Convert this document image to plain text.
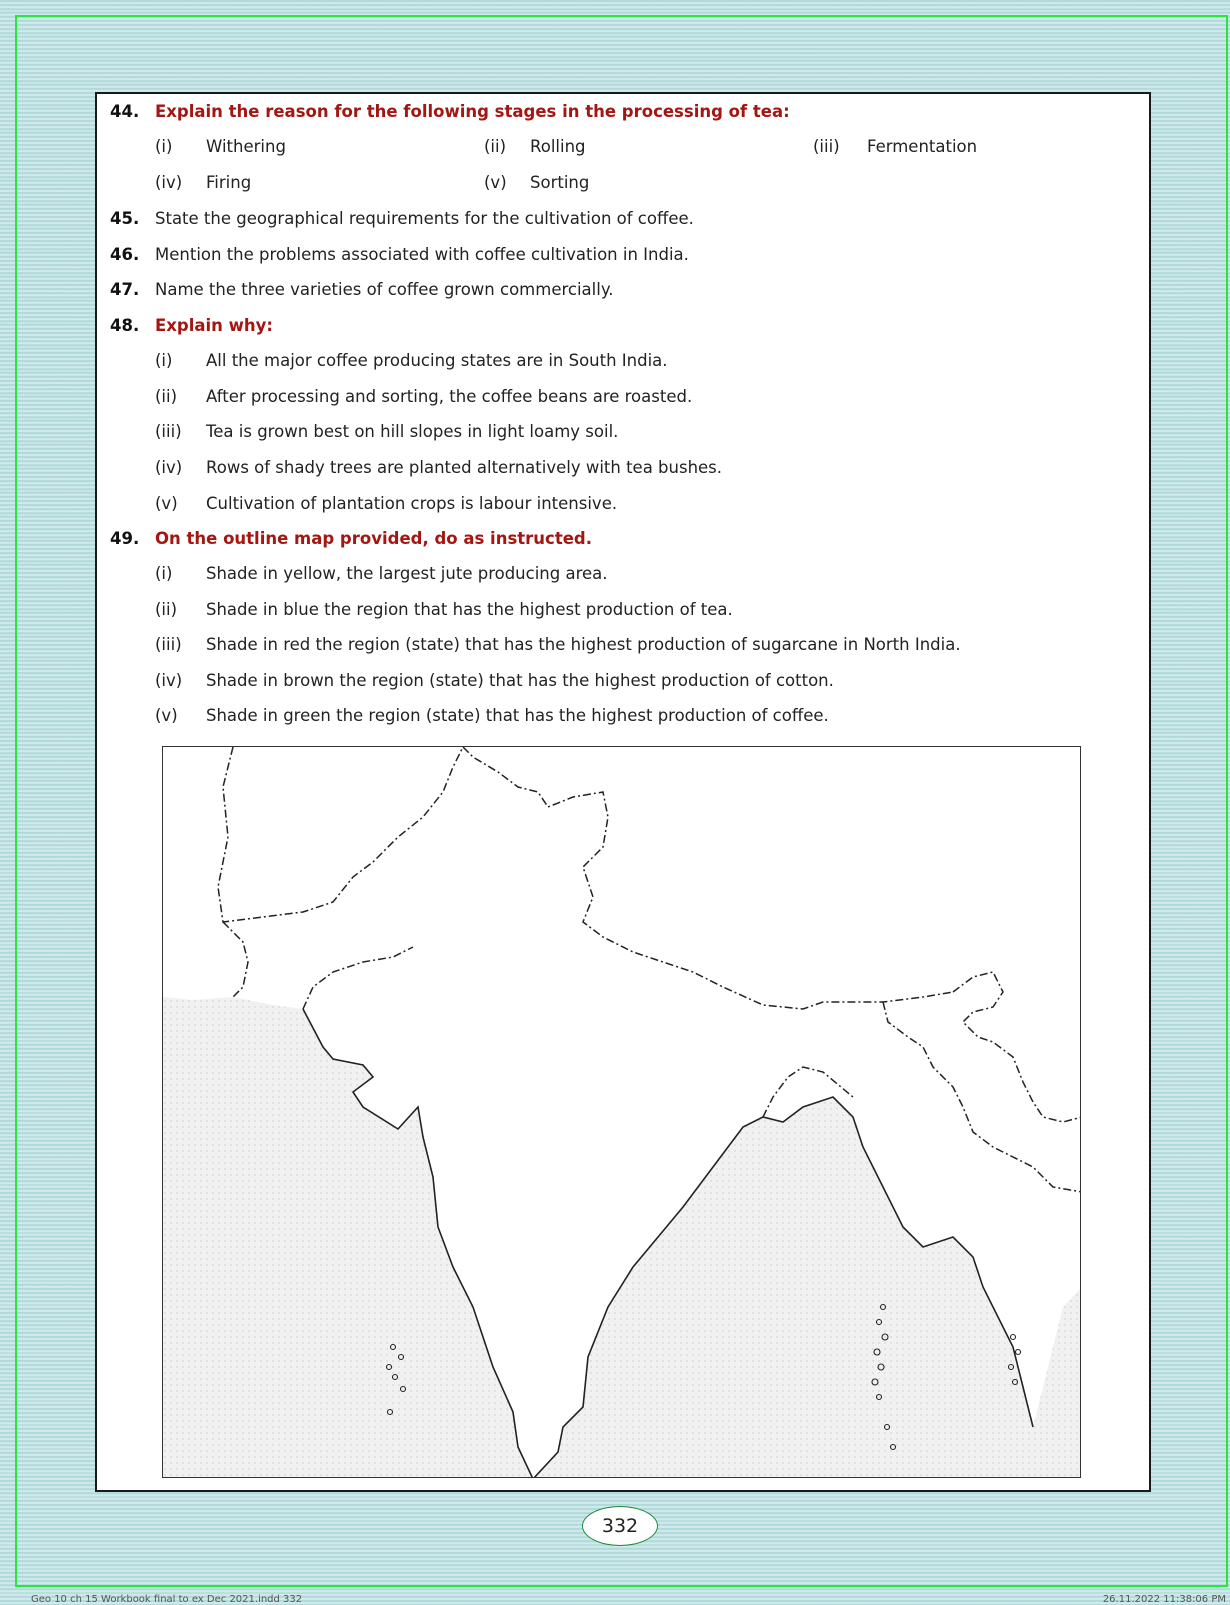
44. Explain the reason for the following stages in the processing of tea:
(i) Withering	(ii) Rolling	(iii) Fermentation
(iv) Firing	(v) Sorting
45. State the geographical requirements for the cultivation of coffee.
46. Mention the problems associated with coffee cultivation in India.
47. Name the three varieties of coffee grown commercially.
48. Explain why:
(i) All the major coffee producing states are in South India.
(ii) After processing and sorting, the coffee beans are roasted.
(iii) Tea is grown best on hill slopes in light loamy soil.
(iv) Rows of shady trees are planted alternatively with tea bushes.
(v) Cultivation of plantation crops is labour intensive.
49. On the outline map provided, do as instructed.
(i) Shade in yellow, the largest jute producing area.
(ii) Shade in blue the region that has the highest production of tea.
(iii) Shade in red the region (state) that has the highest production of sugarcane in North India.
(iv) Shade in brown the region (state) that has the highest production of cotton.
(v) Shade in green the region (state) that has the highest production of coffee.
332
Geo 10 ch 15 Workbook final to ex Dec 2021.indd 332	26.11.2022 11:38:06 PM
